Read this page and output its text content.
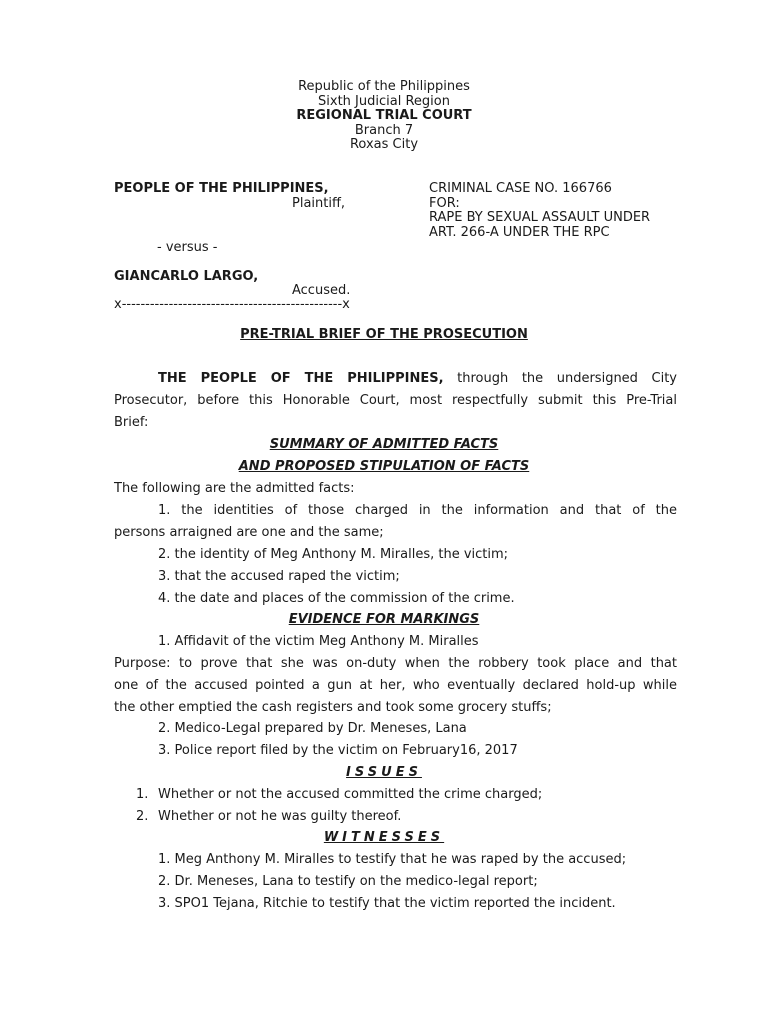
Republic of the Philippines
Sixth Judicial Region
REGIONAL TRIAL COURT
Branch 7
Roxas City
PEOPLE OF THE PHILIPPINES,
Plaintiff,
CRIMINAL CASE NO. 166766
FOR:
RAPE BY SEXUAL ASSAULT UNDER
ART. 266-A UNDER THE RPC
- versus -
GIANCARLO LARGO,
Accused.
x-----------------------------------------------x
PRE-TRIAL BRIEF OF THE PROSECUTION
THE PEOPLE OF THE PHILIPPINES, through the undersigned City
Prosecutor, before this Honorable Court, most respectfully submit this Pre-Trial
Brief:
SUMMARY OF ADMITTED FACTS
AND PROPOSED STIPULATION OF FACTS
The following are the admitted facts:
1. the identities of those charged in the information and that of the
persons arraigned are one and the same;
2. the identity of Meg Anthony M. Miralles, the victim;
3. that the accused raped the victim;
4. the date and places of the commission of the crime.
EVIDENCE FOR MARKINGS
1. Affidavit of the victim Meg Anthony M. Miralles
Purpose: to prove that she was on-duty when the robbery took place and that
one of the accused pointed a gun at her, who eventually declared hold-up while
the other emptied the cash registers and took some grocery stuffs;
2. Medico-Legal prepared by Dr. Meneses, Lana
3. Police report filed by the victim on February16, 2017
ISSUES
1. Whether or not the accused committed the crime charged;
2. Whether or not he was guilty thereof.
WITNESSES
1. Meg Anthony M. Miralles to testify that he was raped by the accused;
2. Dr. Meneses, Lana to testify on the medico-legal report;
3. SPO1 Tejana, Ritchie to testify that the victim reported the incident.
